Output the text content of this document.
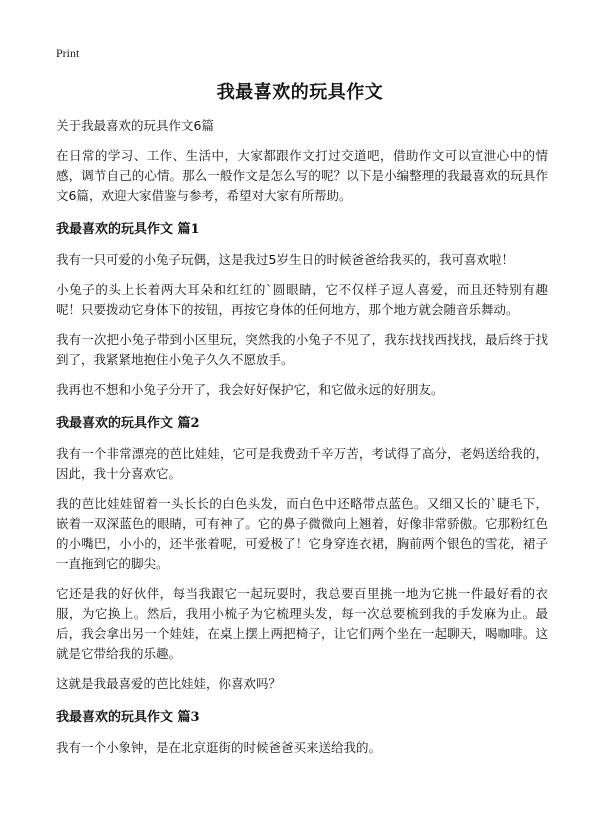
Print
我最喜欢的玩具作文
关于我最喜欢的玩具作文6篇

在日常的学习、工作、生活中，大家都跟作文打过交道吧，借助作文可以宣泄心中的情感，调节自己的心情。那么一般作文是怎么写的呢？以下是小编整理的我最喜欢的玩具作文6篇，欢迎大家借鉴与参考，希望对大家有所帮助。

我最喜欢的玩具作文 篇1

我有一只可爱的小兔子玩偶，这是我过5岁生日的时候爸爸给我买的，我可喜欢啦！

小兔子的头上长着两大耳朵和红红的`圆眼睛，它不仅样子逗人喜爱，而且还特别有趣呢！只要拨动它身体下的按钮，再按它身体的任何地方，那个地方就会随音乐舞动。

我有一次把小兔子带到小区里玩，突然我的小兔子不见了，我东找找西找找，最后终于找到了，我紧紧地抱住小兔子久久不愿放手。

我再也不想和小兔子分开了，我会好好保护它，和它做永远的好朋友。

我最喜欢的玩具作文 篇2

我有一个非常漂亮的芭比娃娃，它可是我费劲千辛万苦，考试得了高分，老妈送给我的，因此，我十分喜欢它。

我的芭比娃娃留着一头长长的白色头发，而白色中还略带点蓝色。又细又长的`睫毛下，嵌着一双深蓝色的眼睛，可有神了。它的鼻子微微向上翘着，好像非常骄傲。它那粉红色的小嘴巴，小小的，还半张着呢，可爱极了！它身穿连衣裙，胸前两个银色的雪花，裙子一直拖到它的脚尖。

它还是我的好伙伴，每当我跟它一起玩耍时，我总要百里挑一地为它挑一件最好看的衣服，为它换上。然后，我用小梳子为它梳理头发，每一次总要梳到我的手发麻为止。最后，我会拿出另一个娃娃，在桌上摆上两把椅子，让它们两个坐在一起聊天，喝咖啡。这就是它带给我的乐趣。

这就是我最喜爱的芭比娃娃，你喜欢吗？

我最喜欢的玩具作文 篇3

我有一个小象钟，是在北京逛街的时候爸爸买来送给我的。
